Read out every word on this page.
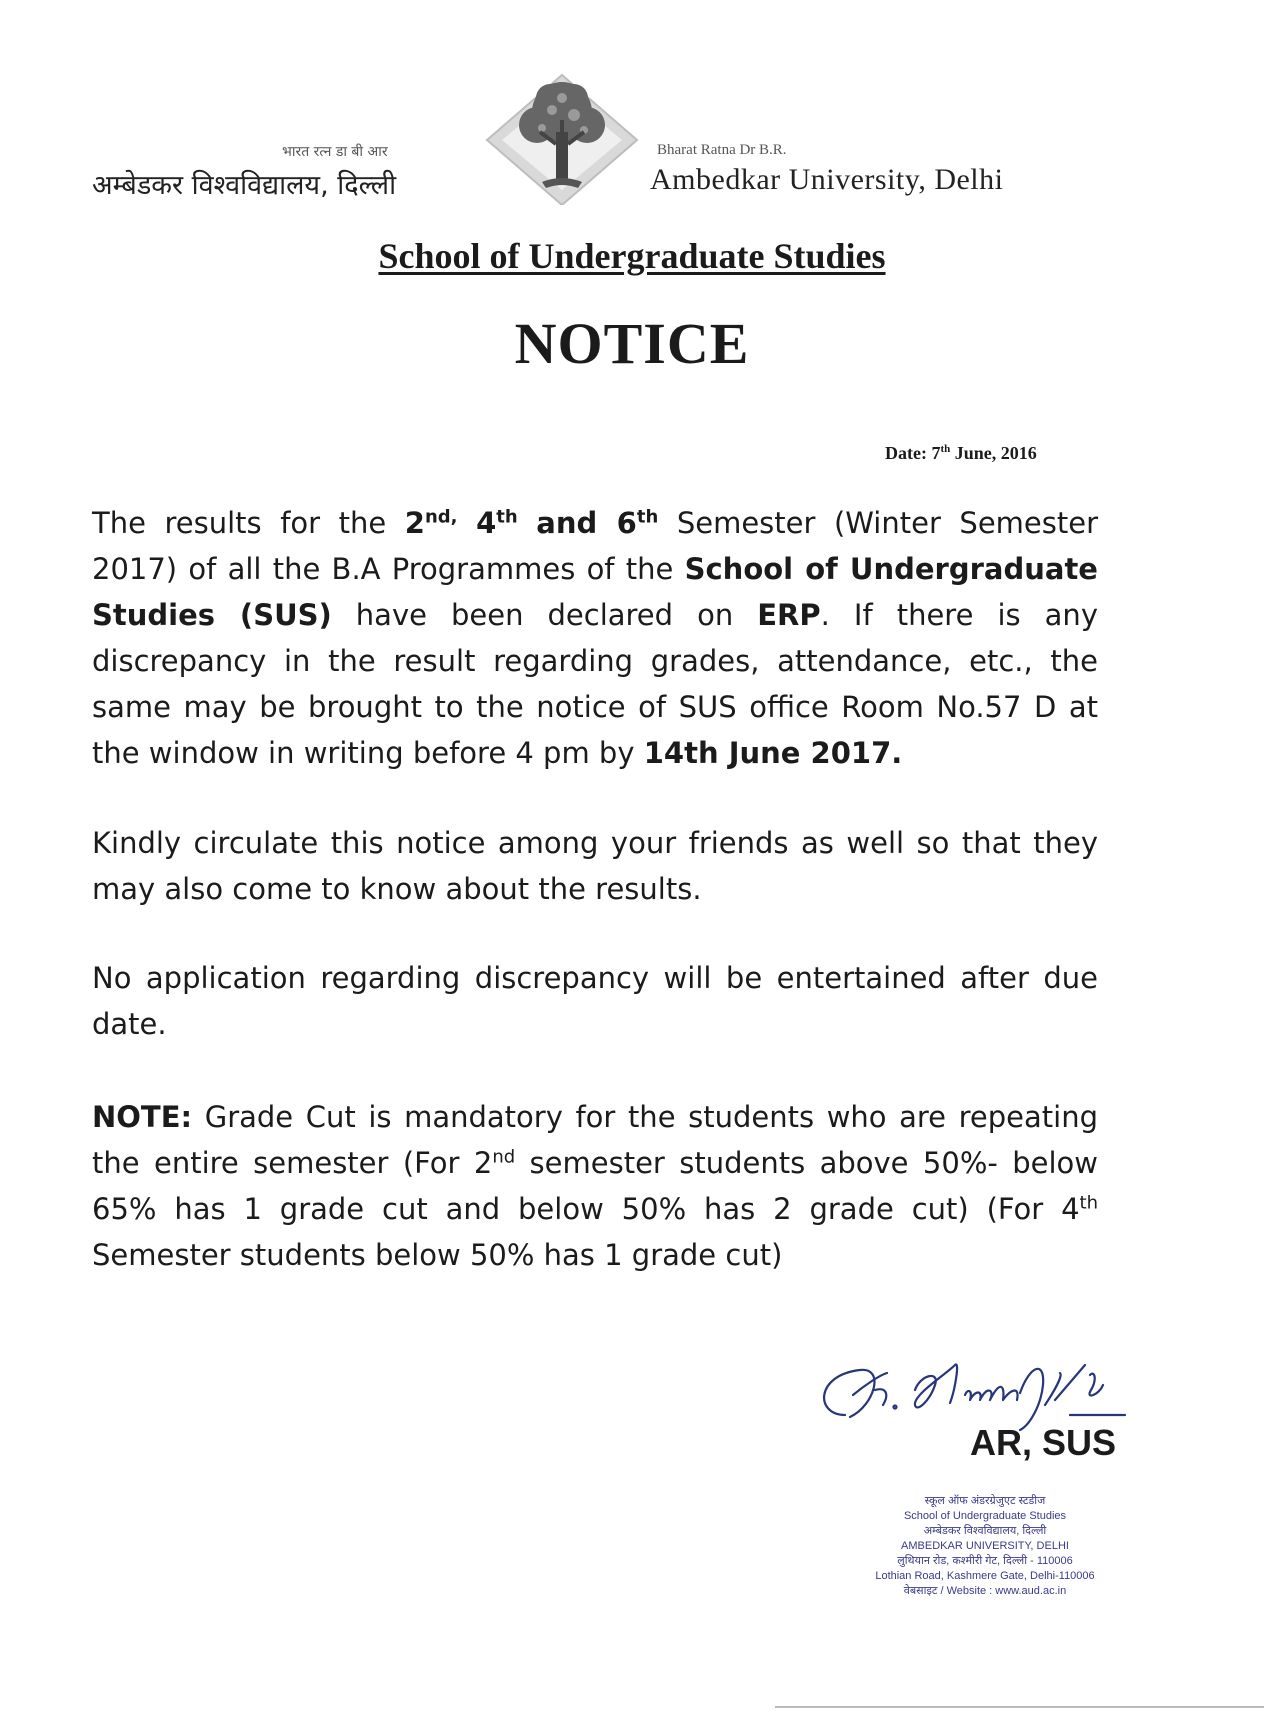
भारत रत्न डा बी आर
अम्बेडकर विश्वविद्यालय, दिल्ली
Bharat Ratna Dr B.R.
Ambedkar University, Delhi
School of Undergraduate Studies
NOTICE
Date: 7th June, 2016
The results for the $2^{nd,}$ 4th and 6th Semester (Winter Semester 2017) of all the B.A Programmes of the School of Undergraduate Studies (SUS) have been declared on ERP. If there is any discrepancy in the result regarding grades, attendance, etc., the same may be brought to the notice of SUS office Room No.57 D at the window in writing before 4 pm by 14th June 2017.
Kindly circulate this notice among your friends as well so that they may also come to know about the results.
No application regarding discrepancy will be entertained after due date.
NOTE: Grade Cut is mandatory for the students who are repeating the entire semester (For 2nd semester students above 50%- below 65% has 1 grade cut and below 50% has 2 grade cut) (For 4th Semester students below 50% has 1 grade cut)
AR, SUS
स्कूल ऑफ अंडरग्रेजुएट स्टडीज
School of Undergraduate Studies
अम्बेडकर विश्वविद्यालय, दिल्ली
AMBEDKAR UNIVERSITY, DELHI
लुथियान रोड, कश्मीरी गेट, दिल्ली - 110006
Lothian Road, Kashmere Gate, Delhi-110006
वेबसाइट / Website : www.aud.ac.in
